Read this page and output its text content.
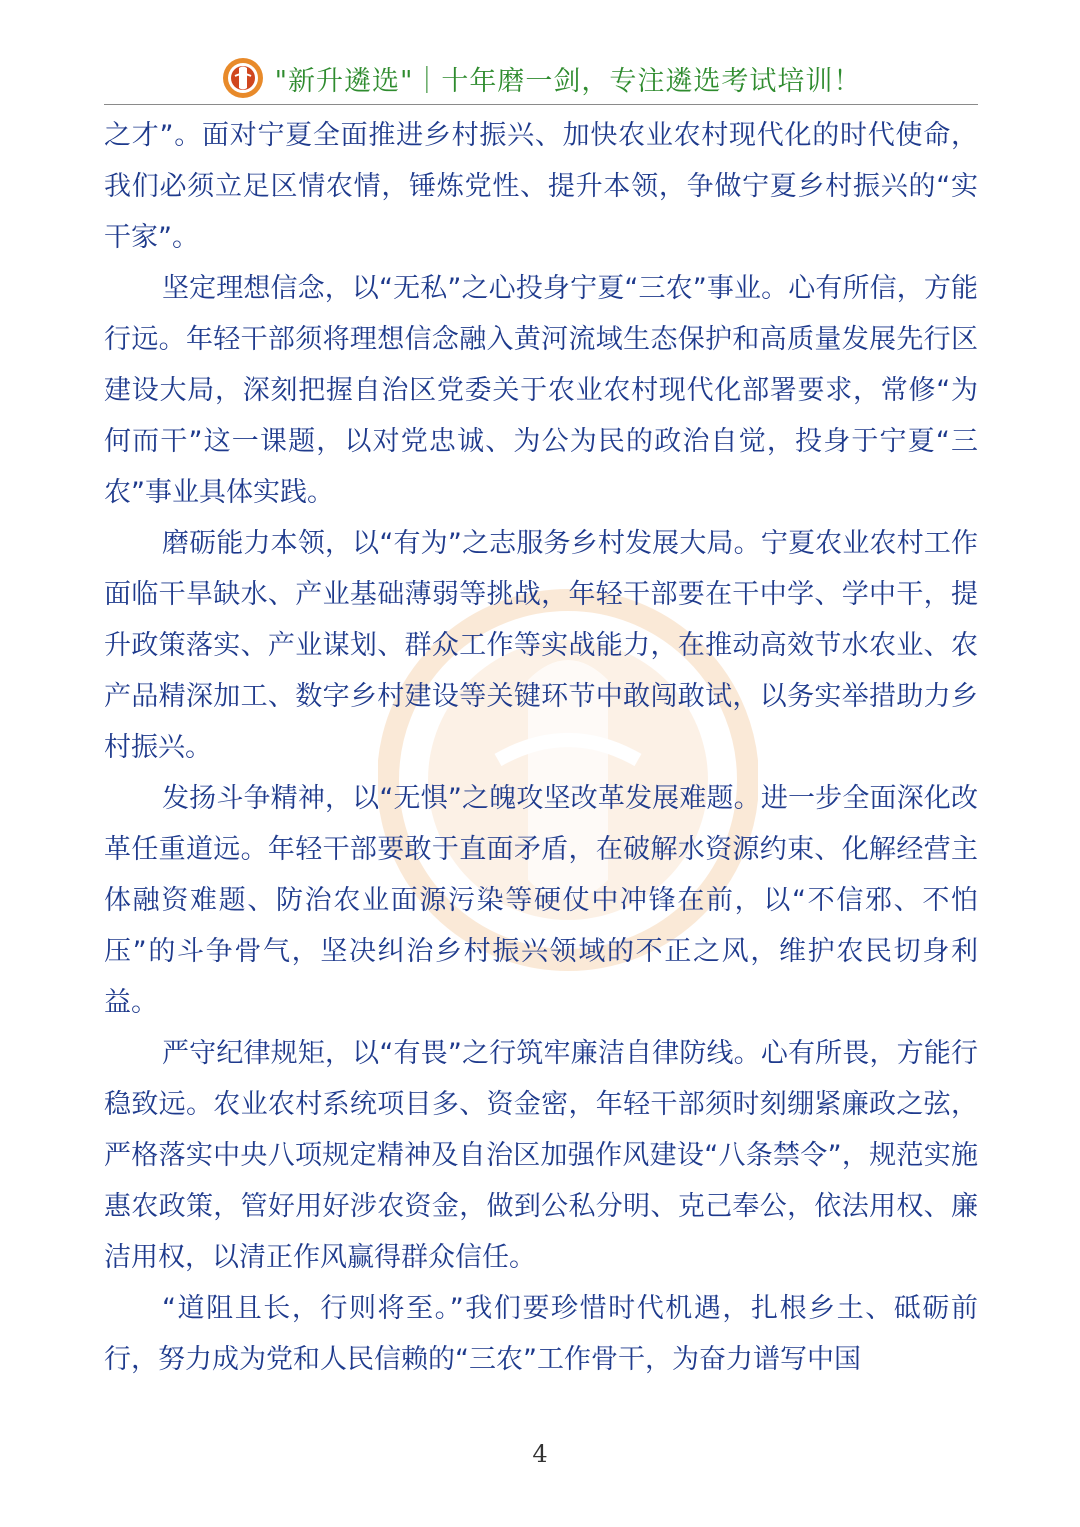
"新升遴选"｜十年磨一剑，专注遴选考试培训！

之才”。面对宁夏全面推进乡村振兴、加快农业农村现代化的时代使命，我们必须立足区情农情，锤炼党性、提升本领，争做宁夏乡村振兴的“实干家”。

坚定理想信念，以“无私”之心投身宁夏“三农”事业。心有所信，方能行远。年轻干部须将理想信念融入黄河流域生态保护和高质量发展先行区建设大局，深刻把握自治区党委关于农业农村现代化部署要求，常修“为何而干”这一课题，以对党忠诚、为公为民的政治自觉，投身于宁夏“三农”事业具体实践。

磨砺能力本领，以“有为”之志服务乡村发展大局。宁夏农业农村工作面临干旱缺水、产业基础薄弱等挑战，年轻干部要在干中学、学中干，提升政策落实、产业谋划、群众工作等实战能力，在推动高效节水农业、农产品精深加工、数字乡村建设等关键环节中敢闯敢试，以务实举措助力乡村振兴。

发扬斗争精神，以“无惧”之魄攻坚改革发展难题。进一步全面深化改革任重道远。年轻干部要敢于直面矛盾，在破解水资源约束、化解经营主体融资难题、防治农业面源污染等硬仗中冲锋在前，以“不信邪、不怕压”的斗争骨气，坚决纠治乡村振兴领域的不正之风，维护农民切身利益。

严守纪律规矩，以“有畏”之行筑牢廉洁自律防线。心有所畏，方能行稳致远。农业农村系统项目多、资金密，年轻干部须时刻绷紧廉政之弦，严格落实中央八项规定精神及自治区加强作风建设“八条禁令”，规范实施惠农政策，管好用好涉农资金，做到公私分明、克己奉公，依法用权、廉洁用权，以清正作风赢得群众信任。

“道阻且长，行则将至。”我们要珍惜时代机遇，扎根乡土、砥砺前行，努力成为党和人民信赖的“三农”工作骨干，为奋力谱写中国

4
